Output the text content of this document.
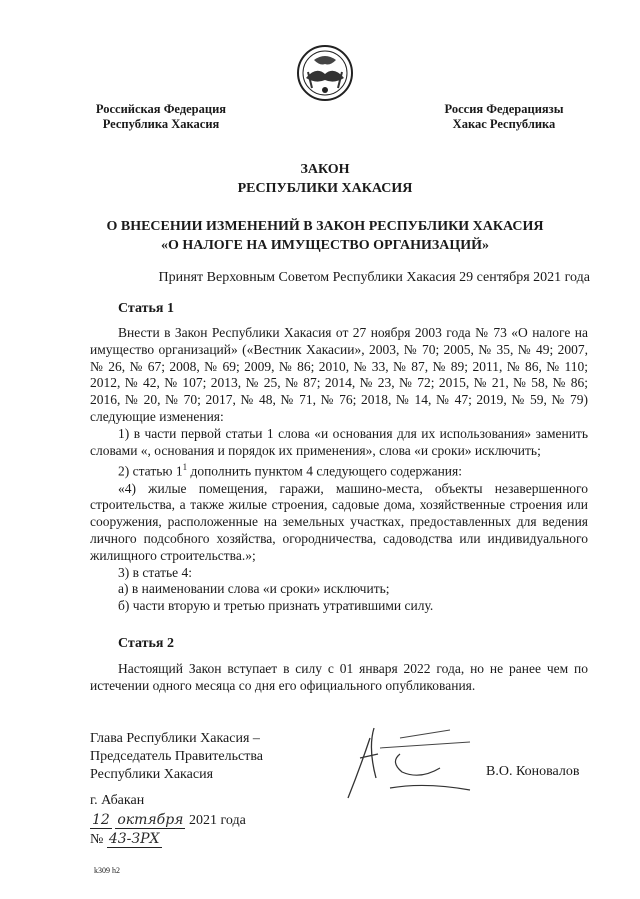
Российская Федерация
Республика Хакасия
Россия Федерациязы
Хакас Республика
ЗАКОН
РЕСПУБЛИКИ ХАКАСИЯ
О ВНЕСЕНИИ ИЗМЕНЕНИЙ В ЗАКОН РЕСПУБЛИКИ ХАКАСИЯ
«О НАЛОГЕ НА ИМУЩЕСТВО ОРГАНИЗАЦИЙ»
Принят Верховным Советом Республики Хакасия 29 сентября 2021 года
Статья 1

Внести в Закон Республики Хакасия от 27 ноября 2003 года № 73 «О налоге на имущество организаций» («Вестник Хакасии», 2003, № 70; 2005, № 35, № 49; 2007, № 26, № 67; 2008, № 69; 2009, № 86; 2010, № 33, № 87, № 89; 2011, № 86, № 110; 2012, № 42, № 107; 2013, № 25, № 87; 2014, № 23, № 72; 2015, № 21, № 58, № 86; 2016, № 20, № 70; 2017, № 48, № 71, № 76; 2018, № 14, № 47; 2019, № 59, № 79) следующие изменения:

1) в части первой статьи 1 слова «и основания для их использования» заменить словами «, основания и порядок их применения», слова «и сроки» исключить;

2) статью $1^1$ дополнить пунктом 4 следующего содержания:

«4) жилые помещения, гаражи, машино-места, объекты незавершенного строительства, а также жилые строения, садовые дома, хозяйственные строения или сооружения, расположенные на земельных участках, предоставленных для ведения личного подсобного хозяйства, огородничества, садоводства или индивидуального жилищного строительства.»;

3) в статье 4:

а) в наименовании слова «и сроки» исключить;

б) части вторую и третью признать утратившими силу.

Статья 2

Настоящий Закон вступает в силу с 01 января 2022 года, но не ранее чем по истечении одного месяца со дня его официального опубликования.

Глава Республики Хакасия –
Председатель Правительства
Республики Хакасия	В.О. Коновалов
г. Абакан
12 октября 2021 года
№ 43-ЗРХ
k309 h2
